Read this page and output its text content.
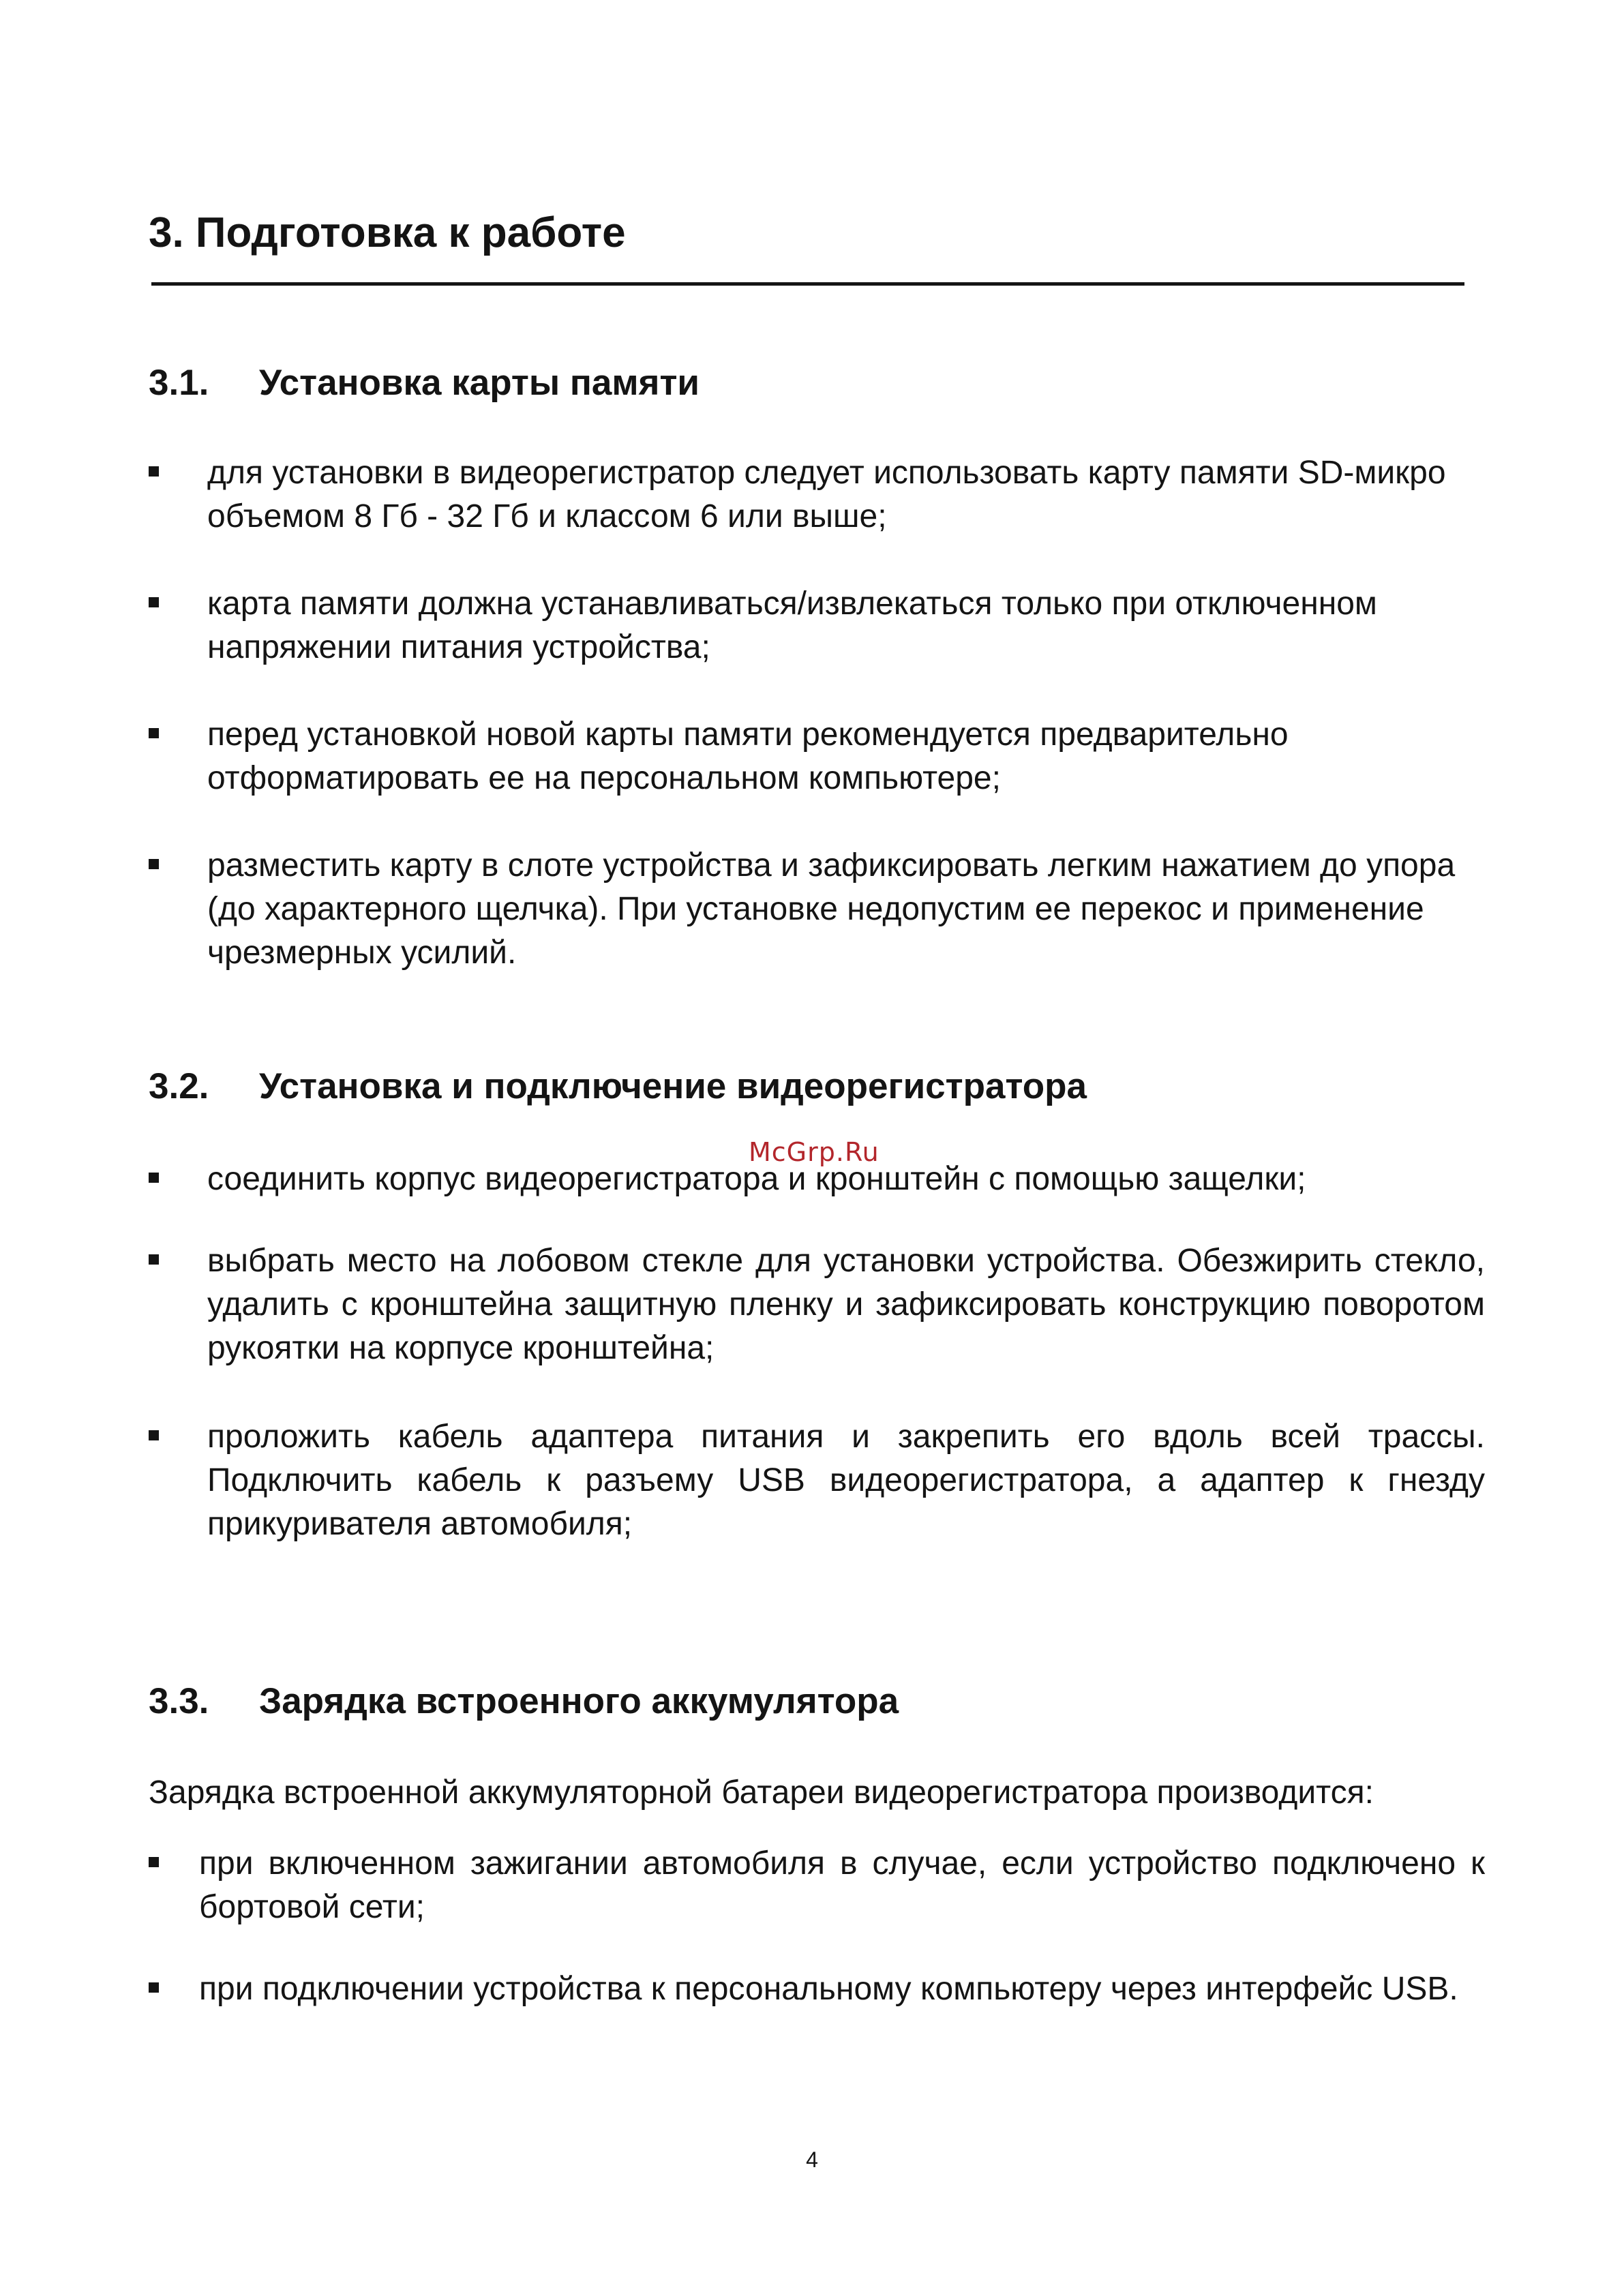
3. Подготовка к работе
3.1. Установка карты памяти
для установки в видеорегистратор следует использовать карту памяти SD-микро объемом 8 Гб - 32 Гб и классом 6 или выше;
карта памяти должна устанавливаться/извлекаться только при отключенном напряжении питания устройства;
перед установкой новой карты памяти рекомендуется предварительно отформатировать ее на персональном компьютере;
разместить карту в слоте устройства и зафиксировать легким нажатием до упора (до характерного щелчка). При установке недопустим ее перекос и применение чрезмерных усилий.
3.2. Установка и подключение видеорегистратора
McGrp.Ru
соединить корпус видеорегистратора и кронштейн с помощью защелки;
выбрать место на лобовом стекле для установки устройства. Обезжирить стекло, удалить с кронштейна защитную пленку и зафиксировать конструкцию поворотом рукоятки на корпусе кронштейна;
проложить кабель адаптера питания и закрепить его вдоль всей трассы. Подключить кабель к разъему USB видеорегистратора, а адаптер к гнезду прикуривателя автомобиля;
3.3. Зарядка встроенного аккумулятора

Зарядка встроенной аккумуляторной батареи видеорегистратора производится:

при включенном зажигании автомобиля в случае, если устройство подключено к бортовой сети;
при подключении устройства к персональному компьютеру через интерфейс USB.
4
